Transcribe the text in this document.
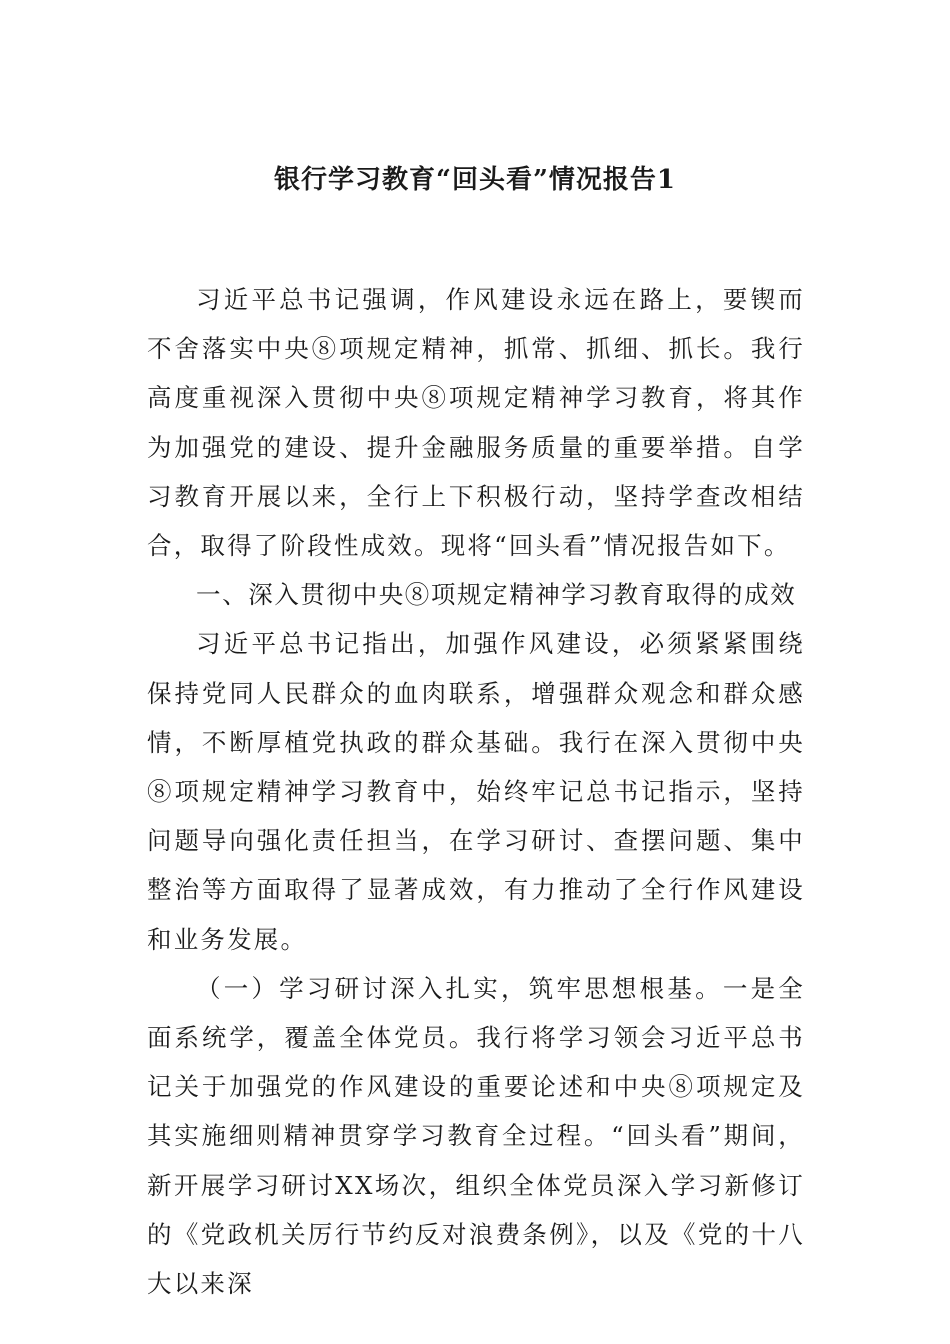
银行学习教育“回头看”情况报告1

习近平总书记强调，作风建设永远在路上，要锲而不舍落实中央⑧项规定精神，抓常、抓细、抓长。我行高度重视深入贯彻中央⑧项规定精神学习教育，将其作为加强党的建设、提升金融服务质量的重要举措。自学习教育开展以来，全行上下积极行动，坚持学查改相结合，取得了阶段性成效。现将“回头看”情况报告如下。

一、深入贯彻中央⑧项规定精神学习教育取得的成效

习近平总书记指出，加强作风建设，必须紧紧围绕保持党同人民群众的血肉联系，增强群众观念和群众感情，不断厚植党执政的群众基础。我行在深入贯彻中央⑧项规定精神学习教育中，始终牢记总书记指示，坚持问题导向强化责任担当，在学习研讨、查摆问题、集中整治等方面取得了显著成效，有力推动了全行作风建设和业务发展。

（一）学习研讨深入扎实，筑牢思想根基。一是全面系统学，覆盖全体党员。我行将学习领会习近平总书记关于加强党的作风建设的重要论述和中央⑧项规定及其实施细则精神贯穿学习教育全过程。“回头看”期间，新开展学习研讨XX场次，组织全体党员深入学习新修订的《党政机关厉行节约反对浪费条例》，以及《党的十八大以来深
